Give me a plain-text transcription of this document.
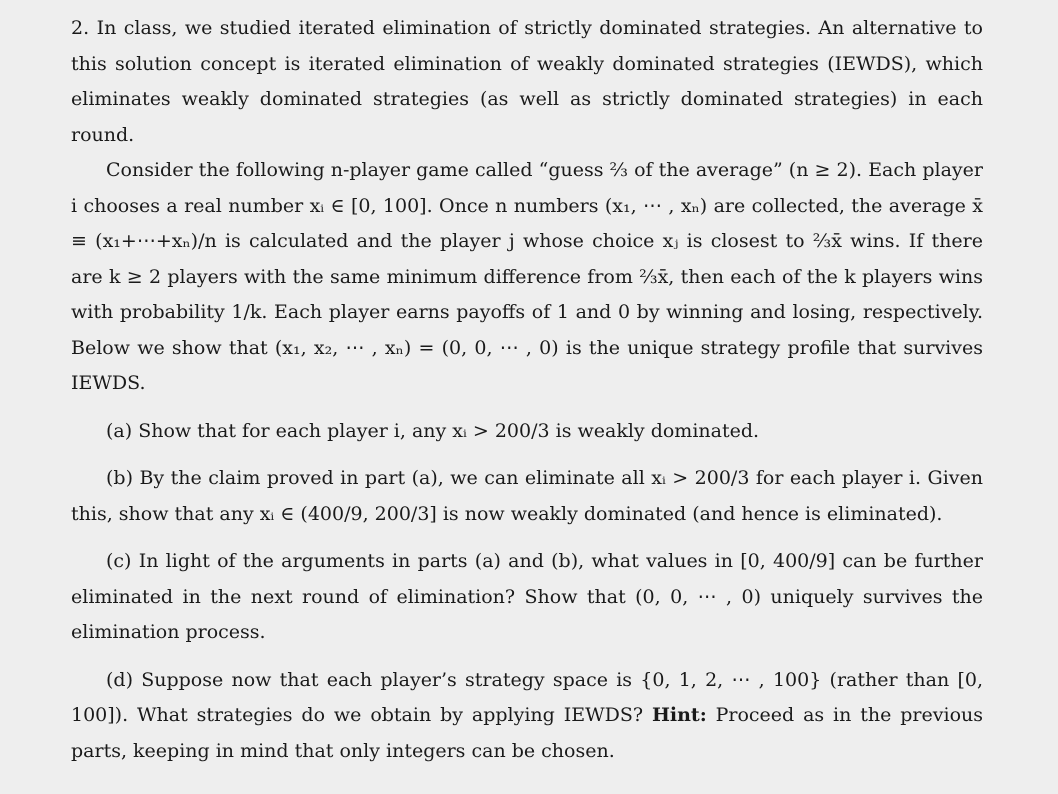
2. In class, we studied iterated elimination of strictly dominated strategies. An alternative to this solution concept is iterated elimination of weakly dominated strategies (IEWDS), which eliminates weakly dominated strategies (as well as strictly dominated strategies) in each round.

Consider the following n-player game called “guess ⅔ of the average” (n ≥ 2). Each player i chooses a real number xᵢ ∈ [0, 100]. Once n numbers (x₁, ⋯ , xₙ) are collected, the average x̄ ≡ (x₁+⋯+xₙ)/n is calculated and the player j whose choice xⱼ is closest to ⅔x̄ wins. If there are k ≥ 2 players with the same minimum difference from ⅔x̄, then each of the k players wins with probability 1/k. Each player earns payoffs of 1 and 0 by winning and losing, respectively. Below we show that (x₁, x₂, ⋯ , xₙ) = (0, 0, ⋯ , 0) is the unique strategy profile that survives IEWDS.

(a) Show that for each player i, any xᵢ > 200/3 is weakly dominated.

(b) By the claim proved in part (a), we can eliminate all xᵢ > 200/3 for each player i. Given this, show that any xᵢ ∈ (400/9, 200/3] is now weakly dominated (and hence is eliminated).

(c) In light of the arguments in parts (a) and (b), what values in [0, 400/9] can be further eliminated in the next round of elimination? Show that (0, 0, ⋯ , 0) uniquely survives the elimination process.

(d) Suppose now that each player’s strategy space is {0, 1, 2, ⋯ , 100} (rather than [0, 100]). What strategies do we obtain by applying IEWDS? Hint: Proceed as in the previous parts, keeping in mind that only integers can be chosen.
